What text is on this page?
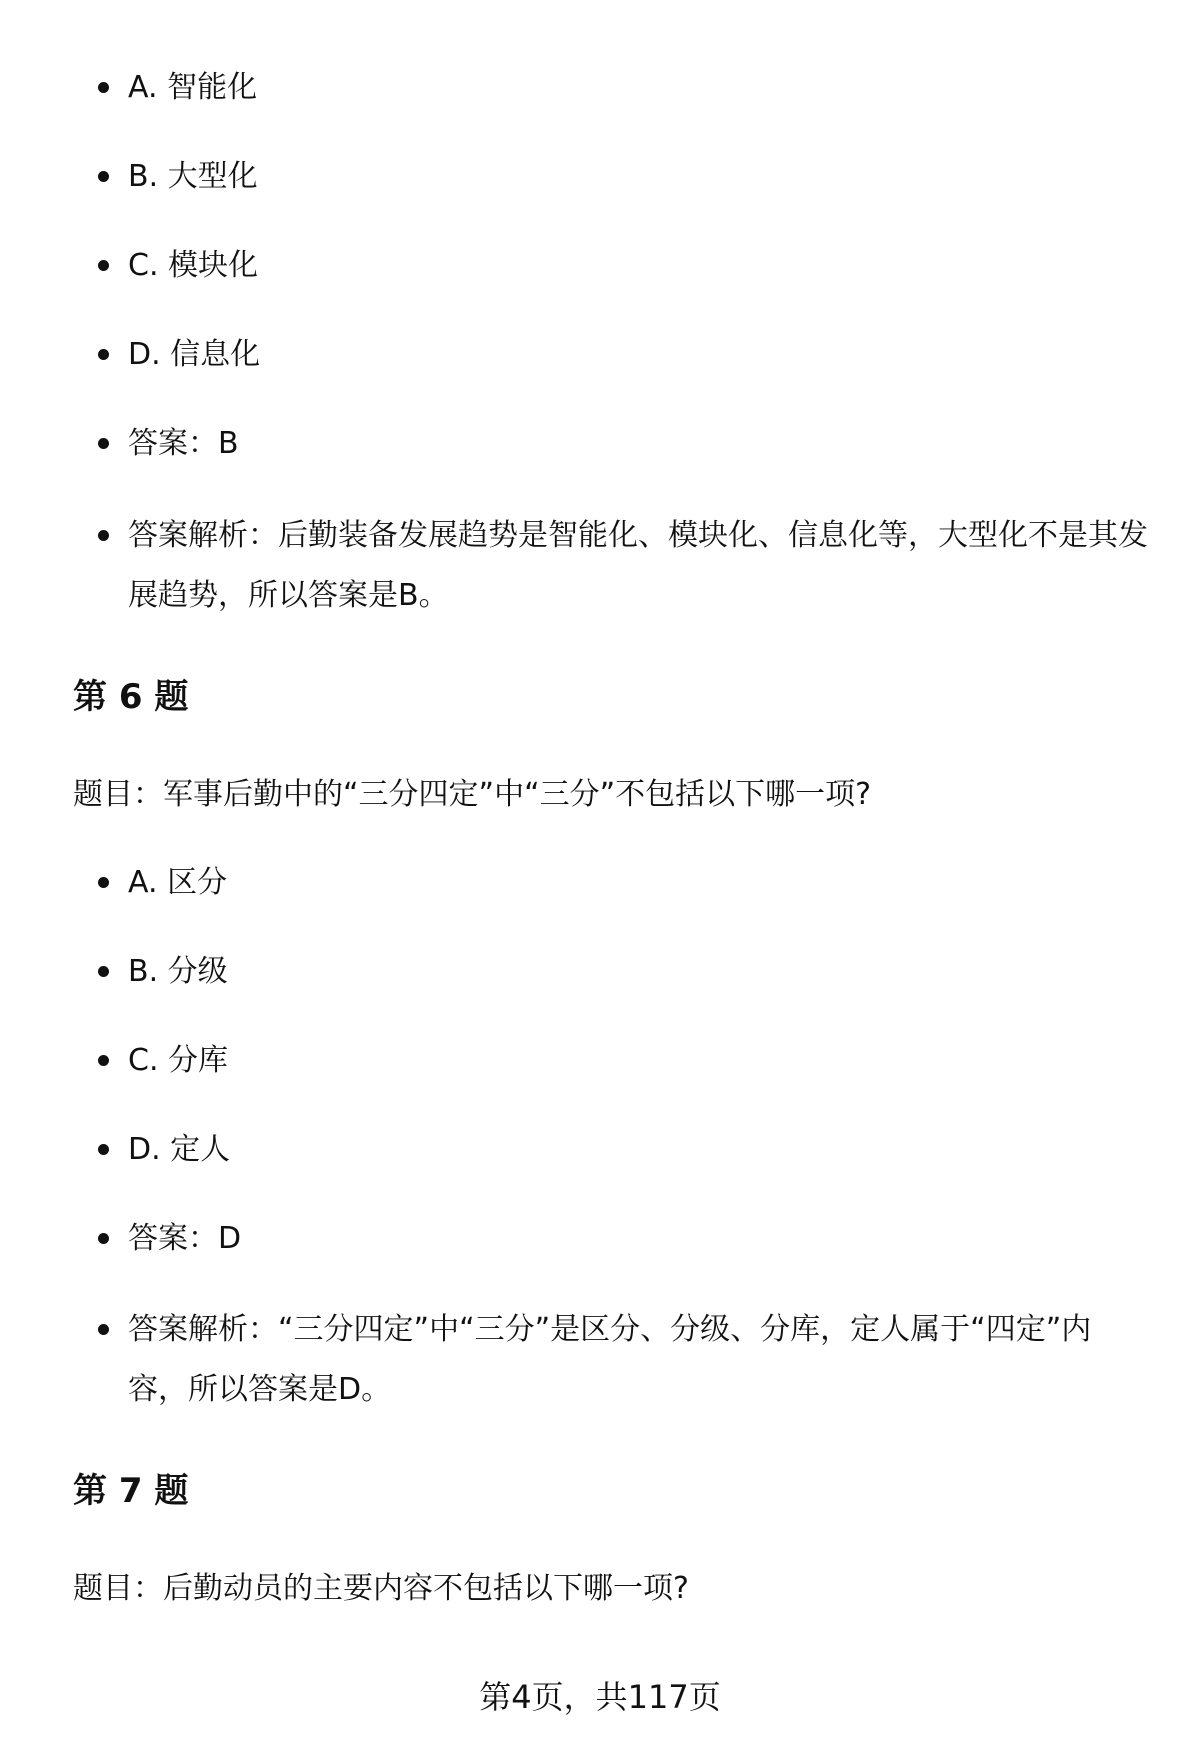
A. 智能化
B. 大型化
C. 模块化
D. 信息化
答案：B
答案解析：后勤装备发展趋势是智能化、模块化、信息化等，大型化不是其发展趋势，所以答案是B。
第 6 题
题目：军事后勤中的“三分四定”中“三分”不包括以下哪一项?
A. 区分
B. 分级
C. 分库
D. 定人
答案：D
答案解析：“三分四定”中“三分”是区分、分级、分库，定人属于“四定”内容，所以答案是D。
第 7 题
题目：后勤动员的主要内容不包括以下哪一项?
第4页，共117页
